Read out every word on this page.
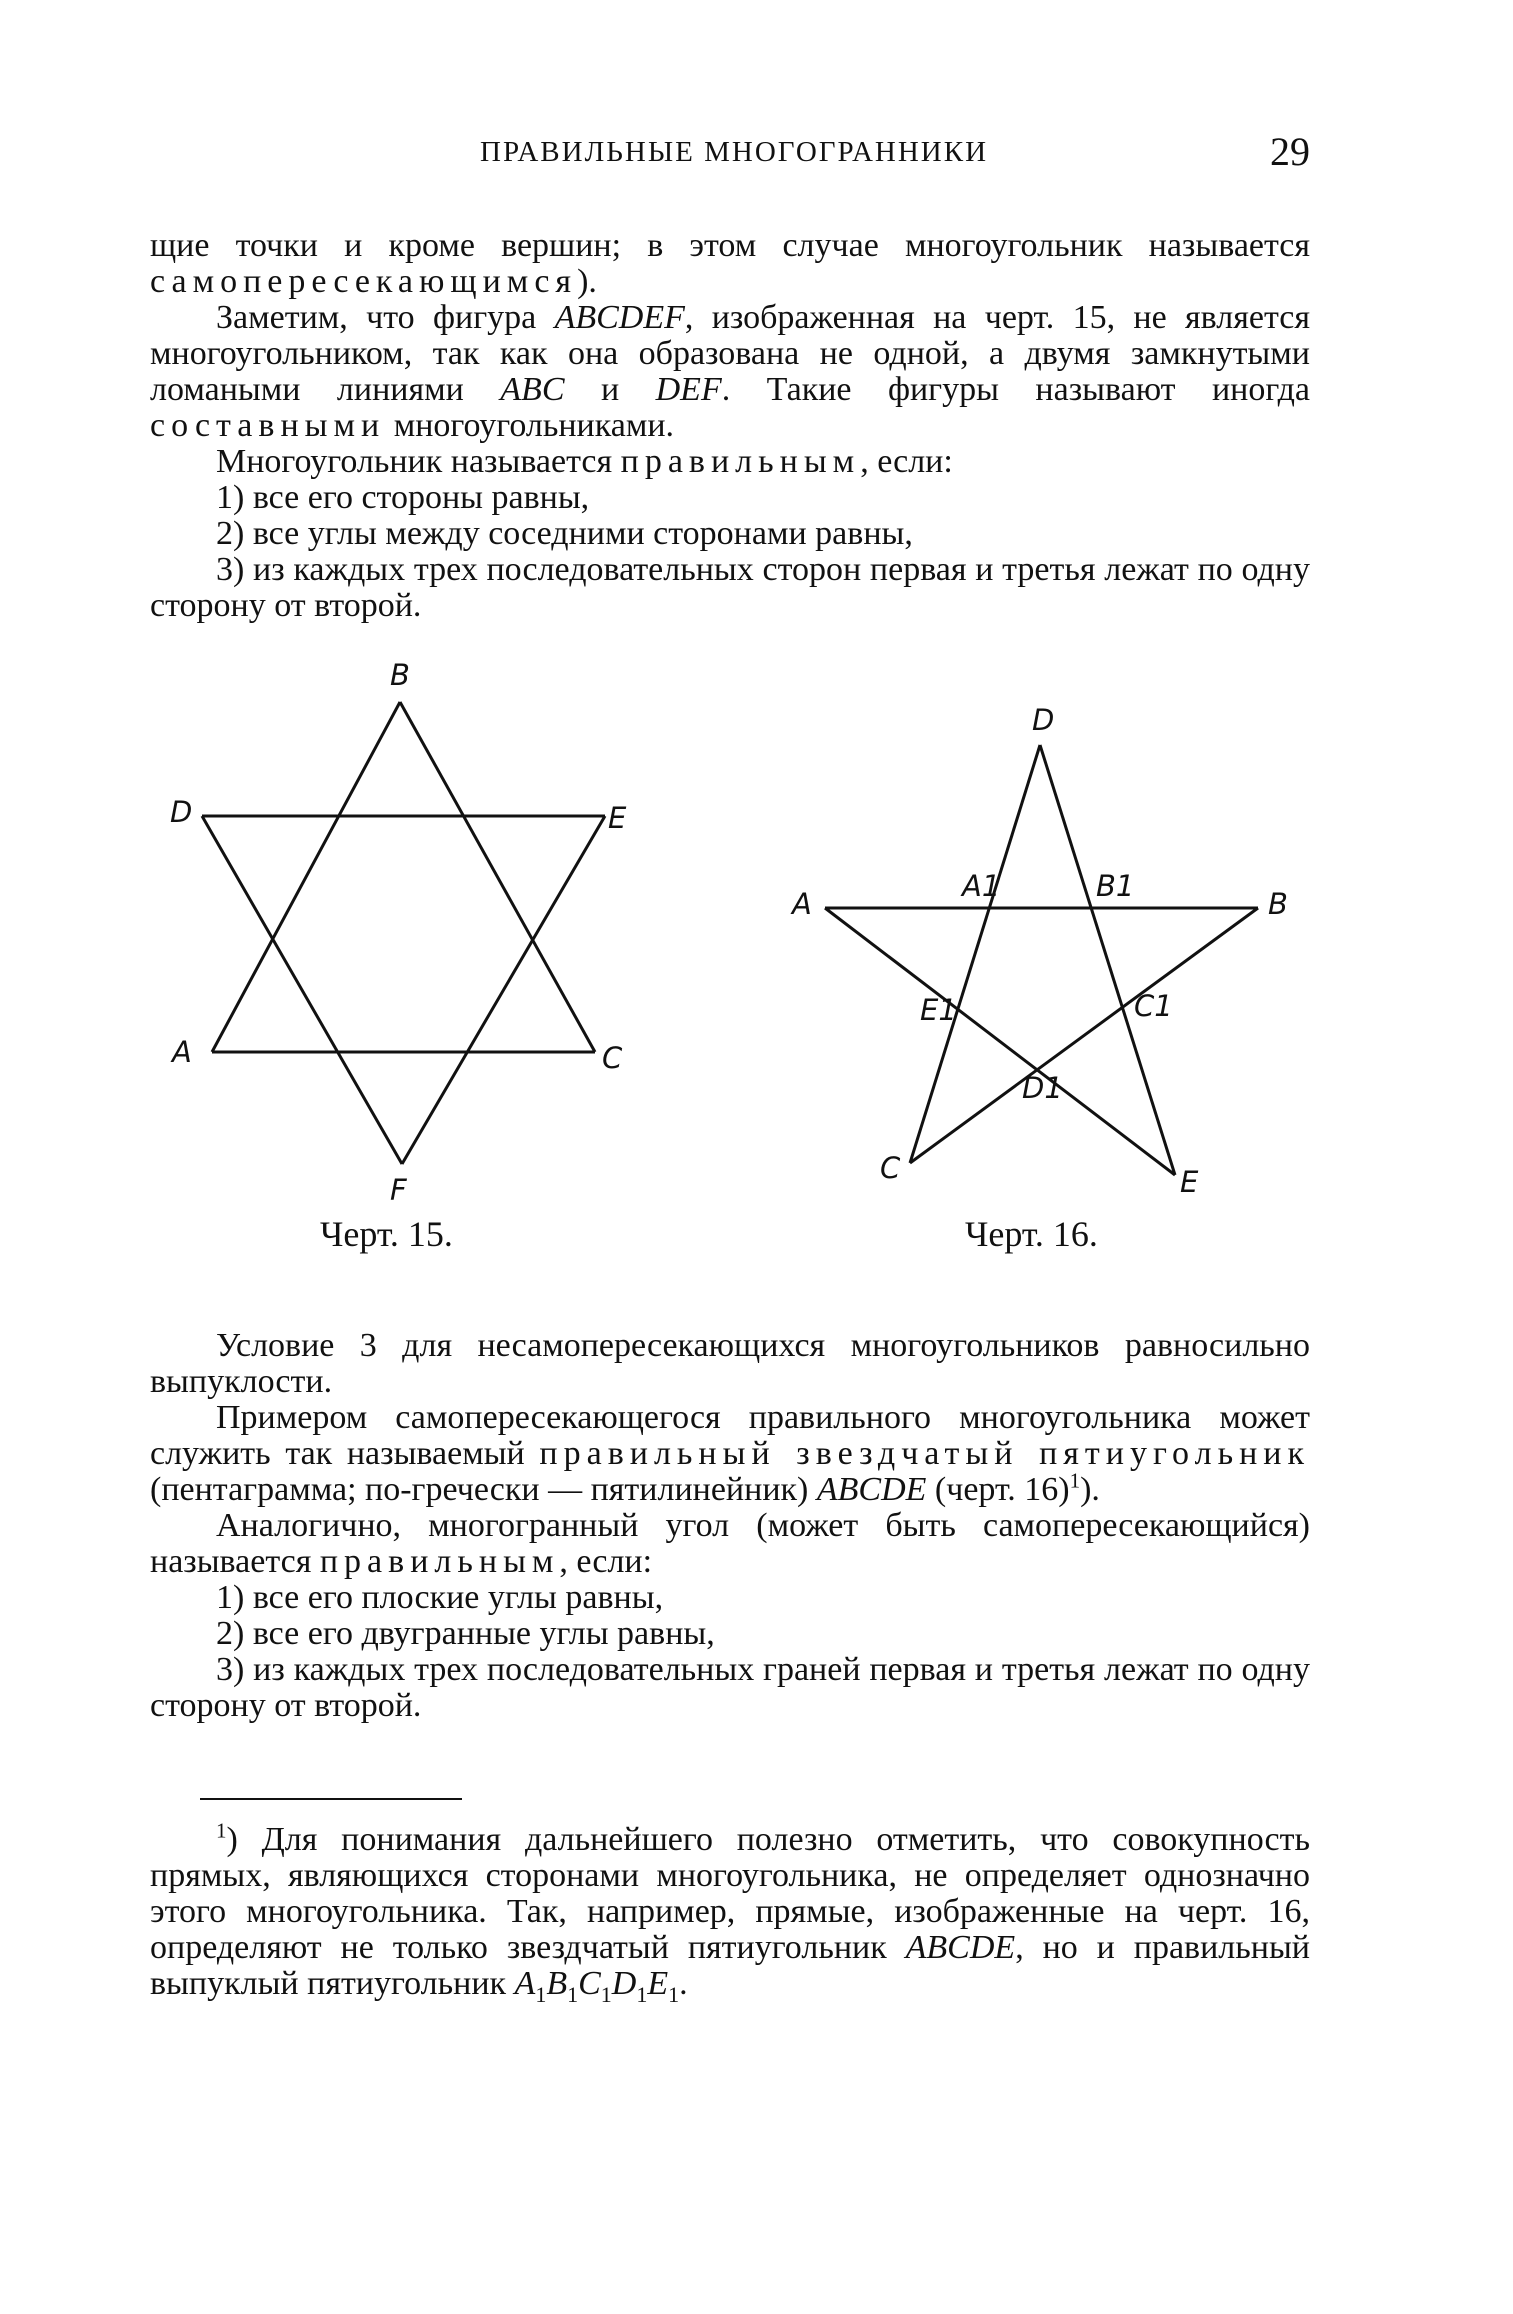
ПРАВИЛЬНЫЕ МНОГОГРАННИКИ	29

щие точки и кроме вершин; в этом случае многоугольник называется самопересекающимся).

Заметим, что фигура ABCDEF, изображенная на черт. 15, не является многоугольником, так как она образована не одной, а двумя замкнутыми ломаными линиями ABC и DEF. Такие фигуры называют иногда составными многоугольниками.

Многоугольник называется правильным, если:

1) все его стороны равны,

2) все углы между соседними сторонами равны,

3) из каждых трех последовательных сторон первая и третья лежат по одну сторону от второй.

B
D	E
A	C
F
D
A	B
A1	B1
E1	C1
D1
C	E
Черт. 15.	Черт. 16.

Условие 3 для несамопересекающихся многоугольников равносильно выпуклости.

Примером самопересекающегося правильного многоугольника может служить так называемый правильный звездчатый пятиугольник (пентаграмма; по-гречески — пятилинейник) ABCDE (черт. 16)$^1$).

Аналогично, многогранный угол (может быть самопересекающийся) называется правильным, если:

1) все его плоские углы равны,

2) все его двугранные углы равны,

3) из каждых трех последовательных граней первая и третья лежат по одну сторону от второй.

$^1$) Для понимания дальнейшего полезно отметить, что совокупность прямых, являющихся сторонами многоугольника, не определяет однозначно этого многоугольника. Так, например, прямые, изображенные на черт. 16, определяют не только звездчатый пятиугольник ABCDE, но и правильный выпуклый пятиугольник $A_1B_1C_1D_1E_1$.
